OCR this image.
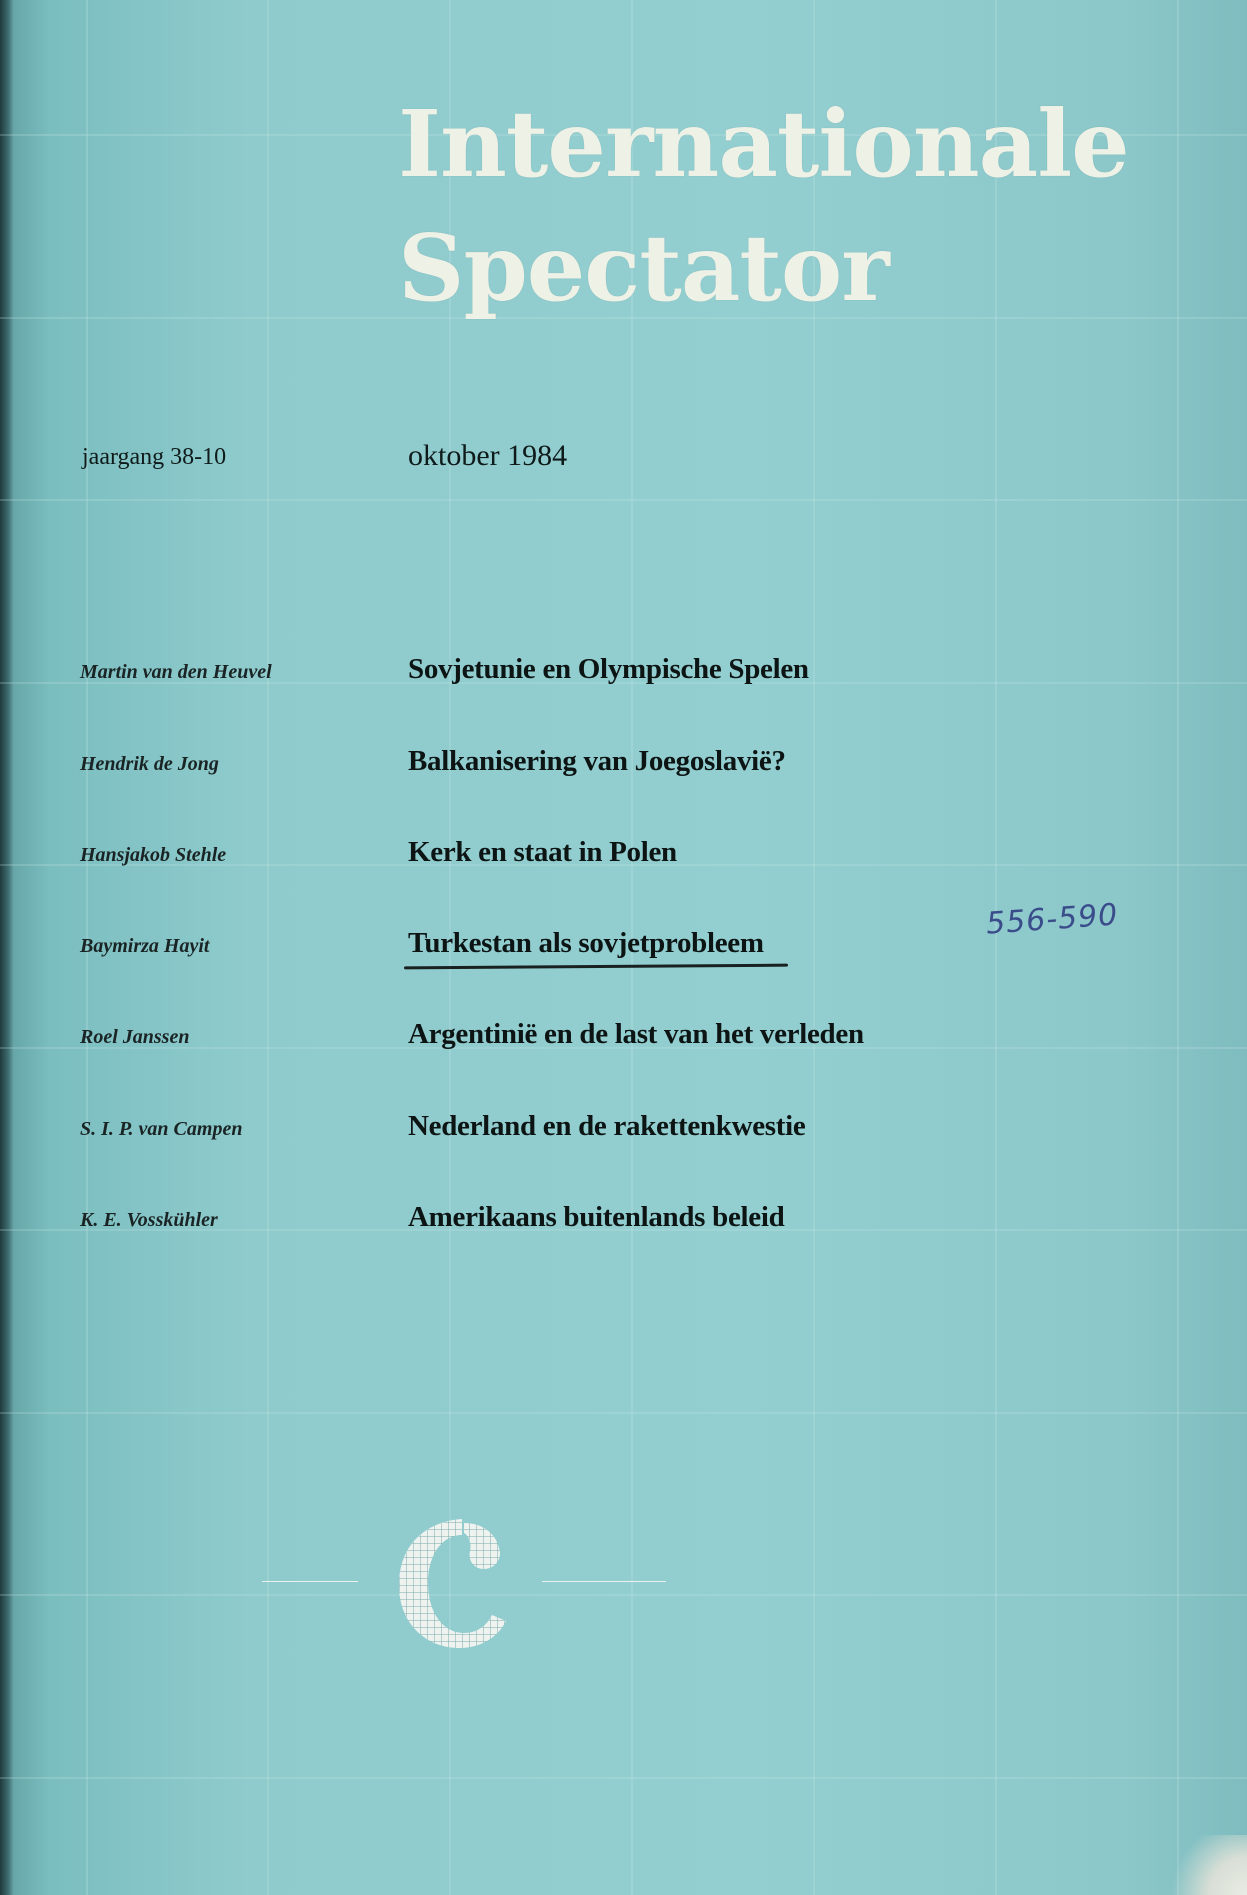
Internationale
Spectator
jaargang 38-10	oktober 1984
Martin van den Heuvel	Sovjetunie en Olympische Spelen
Hendrik de Jong	Balkanisering van Joegoslavië?
Hansjakob Stehle	Kerk en staat in Polen
Baymirza Hayit	Turkestan als sovjetprobleem
Roel Janssen	Argentinië en de last van het verleden
S. I. P. van Campen	Nederland en de rakettenkwestie
K. E. Vosskühler	Amerikaans buitenlands beleid
556-590
